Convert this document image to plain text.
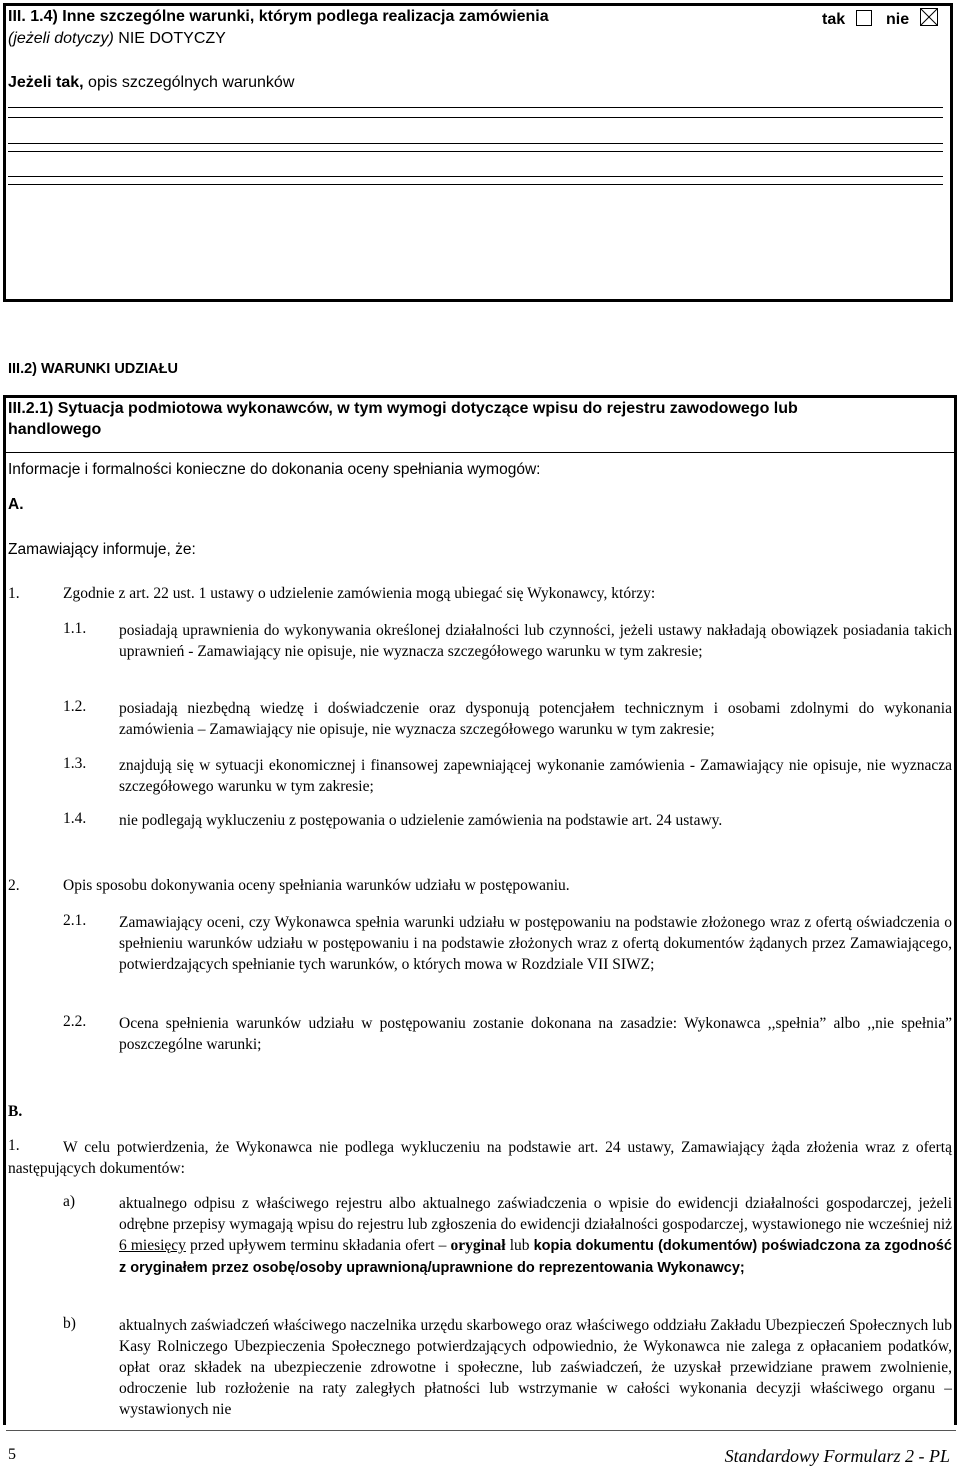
III. 1.4) Inne szczególne warunki, którym podlega realizacja zamówienia
(jeżeli dotyczy) NIE DOTYCZY
tak	nie
Jeżeli tak, opis szczególnych warunków
III.2) WARUNKI UDZIAŁU
III.2.1) Sytuacja podmiotowa wykonawców, w tym wymogi dotyczące wpisu do rejestru zawodowego lub
handlowego
Informacje i formalności konieczne do dokonania oceny spełniania wymogów:
A.
Zamawiający informuje, że:
1.	Zgodnie z art. 22 ust. 1 ustawy o udzielenie zamówienia mogą ubiegać się Wykonawcy, którzy:
1.1. posiadają uprawnienia do wykonywania określonej działalności lub czynności, jeżeli ustawy nakładają obowiązek posiadania takich uprawnień - Zamawiający nie opisuje, nie wyznacza szczegółowego warunku w tym zakresie;
1.2. posiadają niezbędną wiedzę i doświadczenie oraz dysponują potencjałem technicznym i osobami zdolnymi do wykonania zamówienia – Zamawiający nie opisuje, nie wyznacza szczegółowego warunku w tym zakresie;
1.3. znajdują się w sytuacji ekonomicznej i finansowej zapewniającej wykonanie zamówienia - Zamawiający nie opisuje, nie wyznacza szczegółowego warunku w tym zakresie;
1.4. nie podlegają wykluczeniu z postępowania o udzielenie zamówienia na podstawie art. 24 ustawy.
2.	Opis sposobu dokonywania oceny spełniania warunków udziału w postępowaniu.
2.1. Zamawiający oceni, czy Wykonawca spełnia warunki udziału w postępowaniu na podstawie złożonego wraz z ofertą oświadczenia o spełnieniu warunków udziału w postępowaniu i na podstawie złożonych wraz z ofertą dokumentów żądanych przez Zamawiającego, potwierdzających spełnianie tych warunków, o których mowa w Rozdziale VII SIWZ;
2.2. Ocena spełnienia warunków udziału w postępowaniu zostanie dokonana na zasadzie: Wykonawca ,,spełnia” albo ,,nie spełnia” poszczególne warunki;
B.
1.	W celu potwierdzenia, że Wykonawca nie podlega wykluczeniu na podstawie art. 24 ustawy, Zamawiający żąda złożenia wraz z ofertą następujących dokumentów:
a)	aktualnego odpisu z właściwego rejestru albo aktualnego zaświadczenia o wpisie do ewidencji działalności gospodarczej, jeżeli odrębne przepisy wymagają wpisu do rejestru lub zgłoszenia do ewidencji działalności gospodarczej, wystawionego nie wcześniej niż 6 miesięcy przed upływem terminu składania ofert – oryginał lub kopia dokumentu (dokumentów) poświadczona za zgodność z oryginałem przez osobę/osoby uprawnioną/uprawnione do reprezentowania Wykonawcy;
b)	aktualnych zaświadczeń właściwego naczelnika urzędu skarbowego oraz właściwego oddziału Zakładu Ubezpieczeń Społecznych lub Kasy Rolniczego Ubezpieczenia Społecznego potwierdzających odpowiednio, że Wykonawca nie zalega z opłacaniem podatków, opłat oraz składek na ubezpieczenie zdrowotne i społeczne, lub zaświadczeń, że uzyskał przewidziane prawem zwolnienie, odroczenie lub rozłożenie na raty zaległych płatności lub wstrzymanie w całości wykonania decyzji właściwego organu – wystawionych nie
5	Standardowy Formularz 2 - PL
